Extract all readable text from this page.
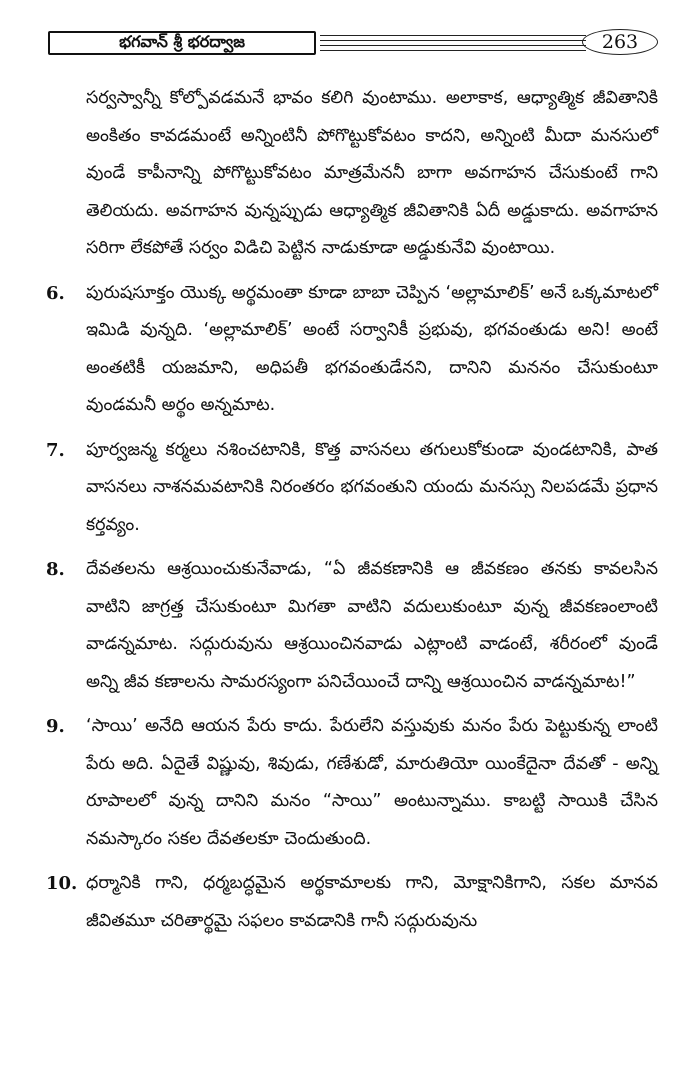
భగవాన్ శ్రీ భరద్వాజ	263
సర్వస్వాన్నీ కోల్పోవడమనే భావం కలిగి వుంటాము. అలాకాక, ఆధ్యాత్మిక జీవితానికి అంకితం కావడమంటే అన్నింటినీ పోగొట్టుకోవటం కాదని, అన్నింటి మీదా మనసులో వుండే కాపీనాన్ని పోగొట్టుకోవటం మాత్రమేననీ బాగా అవగాహన చేసుకుంటే గాని తెలియదు. అవగాహన వున్నప్పుడు ఆధ్యాత్మిక జీవితానికి ఏదీ అడ్డుకాదు. అవగాహన సరిగా లేకపోతే సర్వం విడిచి పెట్టిన నాడుకూడా అడ్డుకునేవి వుంటాయి.
6.	పురుషసూక్తం యొక్క అర్థమంతా కూడా బాబా చెప్పిన ‘అల్లామాలిక్’ అనే ఒక్కమాటలో ఇమిడి వున్నది. ‘అల్లామాలిక్’ అంటే సర్వానికీ ప్రభువు, భగవంతుడు అని! అంటే అంతటికీ యజమాని, అధిపతీ భగవంతుడేనని, దానిని మననం చేసుకుంటూ వుండమనీ అర్థం అన్నమాట.
7.	పూర్వజన్మ కర్మలు నశించటానికి, కొత్త వాసనలు తగులుకోకుండా వుండటానికి, పాత వాసనలు నాశనమవటానికి నిరంతరం భగవంతుని యందు మనస్సు నిలపడమే ప్రధాన కర్తవ్యం.
8.	దేవతలను ఆశ్రయించుకునేవాడు, “ఏ జీవకణానికి ఆ జీవకణం తనకు కావలసిన వాటిని జాగ్రత్త చేసుకుంటూ మిగతా వాటిని వదులుకుంటూ వున్న జీవకణంలాంటి వాడన్నమాట. సద్గురువును ఆశ్రయించినవాడు ఎట్లాంటి వాడంటే, శరీరంలో వుండే అన్ని జీవ కణాలను సామరస్యంగా పనిచేయించే దాన్ని ఆశ్రయించిన వాడన్నమాట!”
9.	‘సాయి’ అనేది ఆయన పేరు కాదు. పేరులేని వస్తువుకు మనం పేరు పెట్టుకున్న లాంటి పేరు అది. ఏదైతే విష్ణువు, శివుడు, గణేశుడో, మారుతియో యింకేదైనా దేవతో - అన్ని రూపాలలో వున్న దానిని మనం “సాయి” అంటున్నాము. కాబట్టి సాయికి చేసిన నమస్కారం సకల దేవతలకూ చెందుతుంది.
10. ధర్మానికి గాని, ధర్మబద్ధమైన అర్థకామాలకు గాని, మోక్షానికిగాని, సకల మానవ జీవితమూ చరితార్థమై సఫలం కావడానికి గానీ సద్గురువును
